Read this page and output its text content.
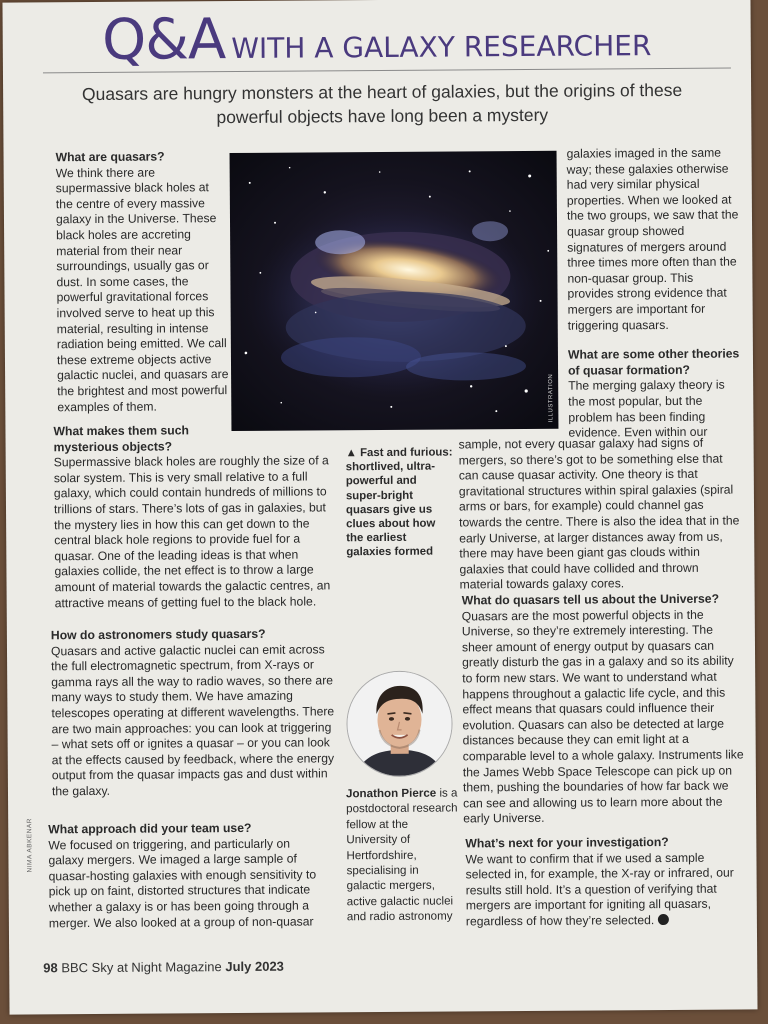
Q&A WITH A GALAXY RESEARCHER
Quasars are hungry monsters at the heart of galaxies, but the origins of these powerful objects have long been a mystery

What are quasars?

We think there are supermassive black holes at the centre of every massive galaxy in the Universe. These black holes are accreting material from their near surroundings, usually gas or dust. In some cases, the powerful gravitational forces involved serve to heat up this material, resulting in intense radiation being emitted. We call these extreme objects active galactic nuclei, and quasars are the brightest and most powerful examples of them.

What makes them such mysterious objects?

Supermassive black holes are roughly the size of a solar system. This is very small relative to a full galaxy, which could contain hundreds of millions to trillions of stars. There’s lots of gas in galaxies, but the mystery lies in how this can get down to the central black hole regions to provide fuel for a quasar. One of the leading ideas is that when galaxies collide, the net effect is to throw a large amount of material towards the galactic centres, an attractive means of getting fuel to the black hole.

How do astronomers study quasars?

Quasars and active galactic nuclei can emit across the full electromagnetic spectrum, from X-rays or gamma rays all the way to radio waves, so there are many ways to study them. We have amazing telescopes operating at different wavelengths. There are two main approaches: you can look at triggering – what sets off or ignites a quasar – or you can look at the effects caused by feedback, where the energy output from the quasar impacts gas and dust within the galaxy.

What approach did your team use?

We focused on triggering, and particularly on galaxy mergers. We imaged a large sample of quasar-hosting galaxies with enough sensitivity to pick up on faint, distorted structures that indicate whether a galaxy is or has been going through a merger. We also looked at a group of non-quasar

ILLUSTRATION
▲ Fast and furious: shortlived, ultra-powerful and super-bright quasars give us clues about how the earliest galaxies formed

galaxies imaged in the same way; these galaxies otherwise had very similar physical properties. When we looked at the two groups, we saw that the quasar group showed signatures of mergers around three times more often than the non-quasar group. This provides strong evidence that mergers are important for triggering quasars.

What are some other theories of quasar formation?

The merging galaxy theory is the most popular, but the problem has been finding evidence. Even within our

sample, not every quasar galaxy had signs of mergers, so there’s got to be something else that can cause quasar activity. One theory is that gravitational structures within spiral galaxies (spiral arms or bars, for example) could channel gas towards the centre. There is also the idea that in the early Universe, at larger distances away from us, there may have been giant gas clouds within galaxies that could have collided and thrown material towards galaxy cores.

What do quasars tell us about the Universe?

Quasars are the most powerful objects in the Universe, so they’re extremely interesting. The sheer amount of energy output by quasars can greatly disturb the gas in a galaxy and so its ability to form new stars. We want to understand what happens throughout a galactic life cycle, and this effect means that quasars could influence their evolution. Quasars can also be detected at large distances because they can emit light at a comparable level to a whole galaxy. Instruments like the James Webb Space Telescope can pick up on them, pushing the boundaries of how far back we can see and allowing us to learn more about the early Universe.

What’s next for your investigation?

We want to confirm that if we used a sample selected in, for example, the X-ray or infrared, our results still hold. It’s a question of verifying that mergers are important for igniting all quasars, regardless of how they’re selected.

Jonathon Pierce is a postdoctoral research fellow at the University of Hertfordshire, specialising in galactic mergers, active galactic nuclei and radio astronomy
NIMA ABKENAR
98 BBC Sky at Night Magazine July 2023
